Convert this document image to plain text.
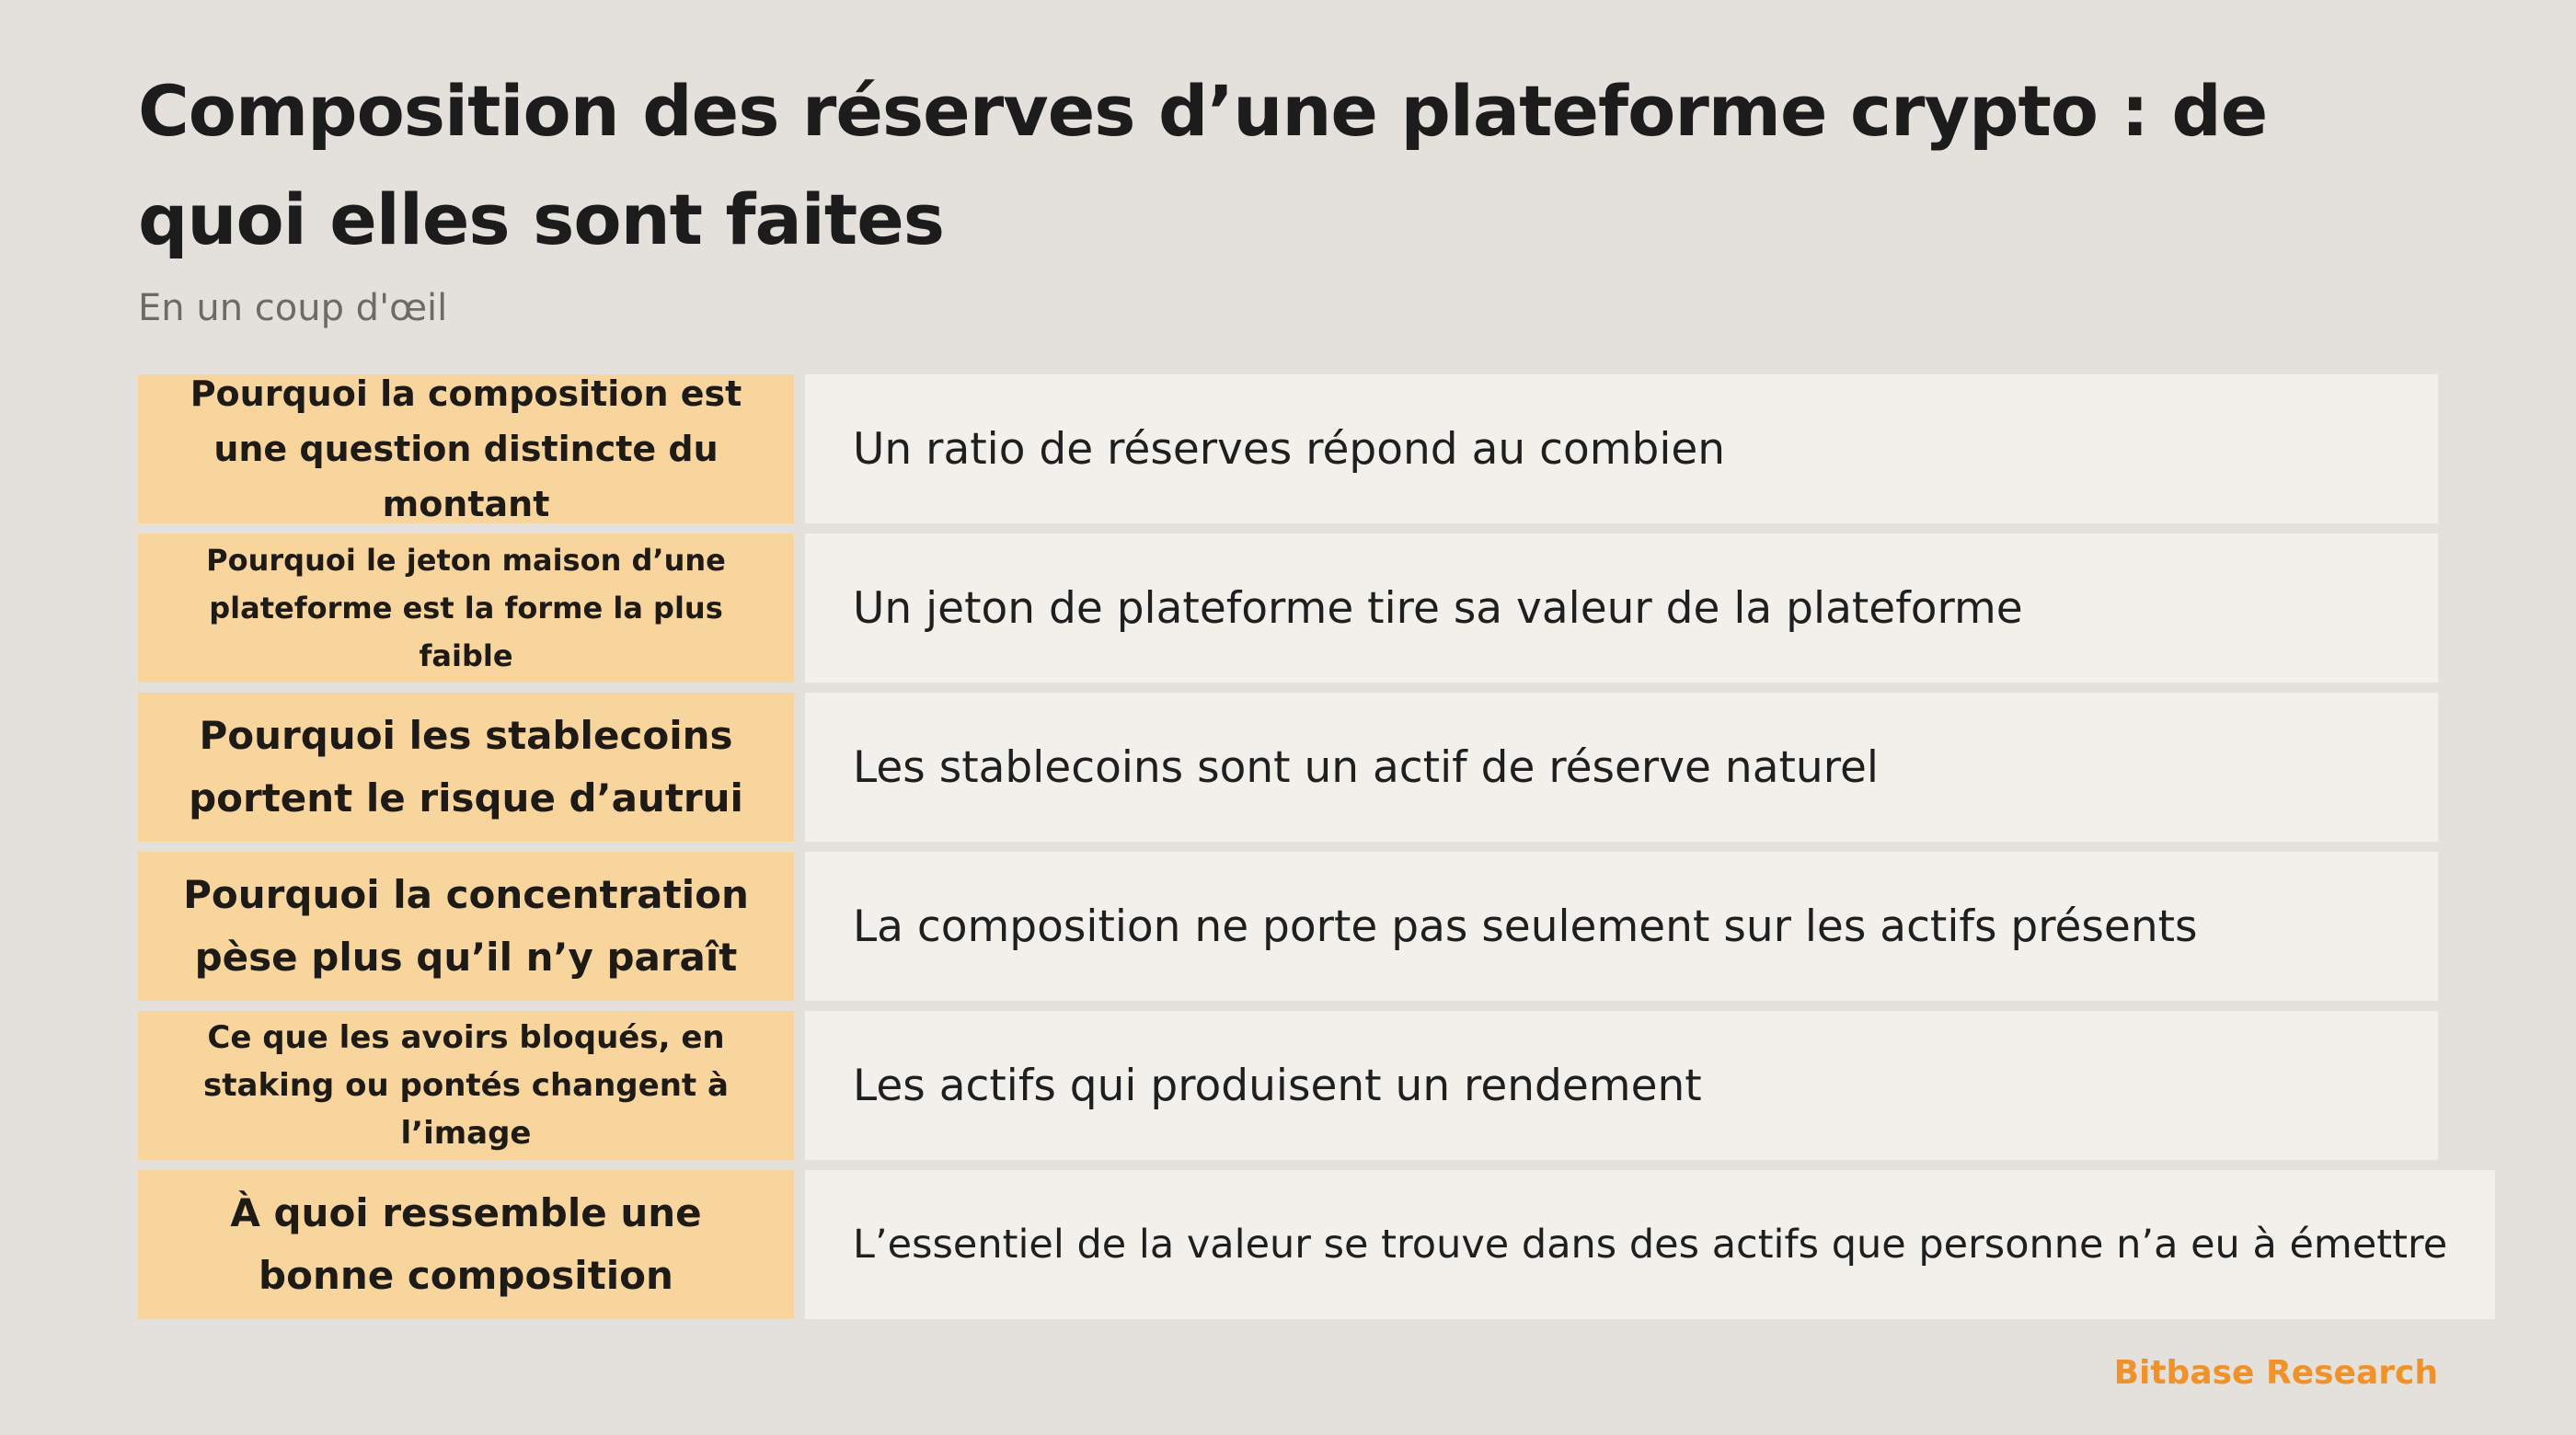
Composition des réserves d’une plateforme crypto : de quoi elles sont faites

En un coup d'œil

Pourquoi la composition est une question distincte du montant
Un ratio de réserves répond au combien
Pourquoi le jeton maison d’une plateforme est la forme la plus faible
Un jeton de plateforme tire sa valeur de la plateforme
Pourquoi les stablecoins portent le risque d’autrui
Les stablecoins sont un actif de réserve naturel
Pourquoi la concentration pèse plus qu’il n’y paraît
La composition ne porte pas seulement sur les actifs présents
Ce que les avoirs bloqués, en staking ou pontés changent à l’image
Les actifs qui produisent un rendement
À quoi ressemble une bonne composition
L’essentiel de la valeur se trouve dans des actifs que personne n’a eu à émettre

Bitbase Research
